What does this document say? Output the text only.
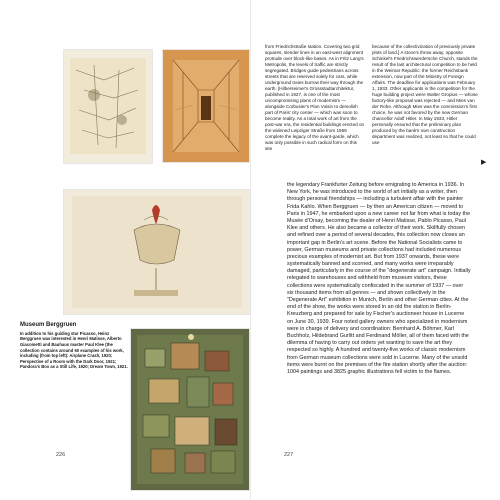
Museum Berggruen

In addition to his guiding star Picasso, Heinz Berggruen was interested in Henri Matisse, Alberto Giacometti and Bauhaus master Paul Klee (the collection contains around 60 examples of his work, including (from top left): Airplane Crash, 1920; Perspective of a Room with the Dark Door, 1921; Pandora's Box as a Still Life, 1920; Dream Town, 1921.

226	227
from Friedrichstraße station. Covering two grid squares, slender lines in an east-west alignment protrude over block-like bases. As in Fritz Lang's Metropolis, the levels of traffic are strictly segregated. Bridges guide pedestrians across streets that are reserved solely for cars, while underground trains burrow their way through the earth. [Hilberseimer's Grossstadtarchitektur, published in 1927, is one of the most uncompromising plans of modernism — alongside Corbusier's Plan Voisin to demolish part of Paris' city center — which was soon to become reality. As a total work of art from the post-war era, the residential buildings erected on the widened Leipziger Straße from 1969 complete the legacy of the avant-garde, which was only possible in such radical form on this site
because of the collectivization of previously private plots of land.] A stone's throw away, opposite Schinkel's Friedrichswerdersche Church, stands the result of the last architectural competition to be held in the Weimar Republic: the former Reichsbank extension, now part of the Ministry of Foreign Affairs. The deadline for applications was February 1, 1933. Other applicants in the competition for the huge building project were Walter Gropius — whose factory-like proposal was rejected — and Mies van der Rohe. Although Mies was the commission's first choice, he was not favored by the new German chancellor Adolf Hitler. In May 1933, Hitler personally ensured that the preliminary plan produced by the bank's own construction department was realized, not least so that he could use
▶
the legendary Frankfurter Zeitung before emigrating to America in 1936. In New York, he was introduced to the world of art initially as a writer, then through personal friendships — including a turbulent affair with the painter Frida Kahlo. When Berggruen — by then an American citizen — moved to Paris in 1947, he embarked upon a new career not far from what is today the Musée d'Orsay, becoming the dealer of Henri Matisse, Pablo Picasso, Paul Klee and others. He also became a collector of their work. Skillfully chosen and refined over a period of several decades, this collection now closes an important gap in Berlin's art scene. Before the National Socialists came to power, German museums and private collections had included numerous precious examples of modernist art. But from 1937 onwards, these were systematically banned and scorned, and many works were irreparably damaged, particularly in the course of the "degenerate art" campaign. Initially relegated to warehouses and withheld from museum visitors, these collections were systematically confiscated in the summer of 1937 — over six thousand items from all genres — and shown collectively in the "Degenerate Art" exhibition in Munich, Berlin and other German cities. At the end of the show, the works were stored in an old fire station in Berlin-Kreuzberg and prepared for sale by Fischer's auctioneer house in Lucerne on June 30, 1939. Four noted gallery owners who specialized in modernism were in charge of delivery and coordination: Bernhard A. Böhmer, Karl Buchholz, Hildebrand Gurlitt and Ferdinand Möller, all of them faced with the dilemma of having to carry out orders yet wanting to save the art they respected so highly. A hundred and twenty-five works of classic modernism from German museum collections were sold in Lucerne. Many of the unsold items were burnt on the premises of the fire station shortly after the auction: 1004 paintings and 3825 graphic illustrations fell victim to the flames.
